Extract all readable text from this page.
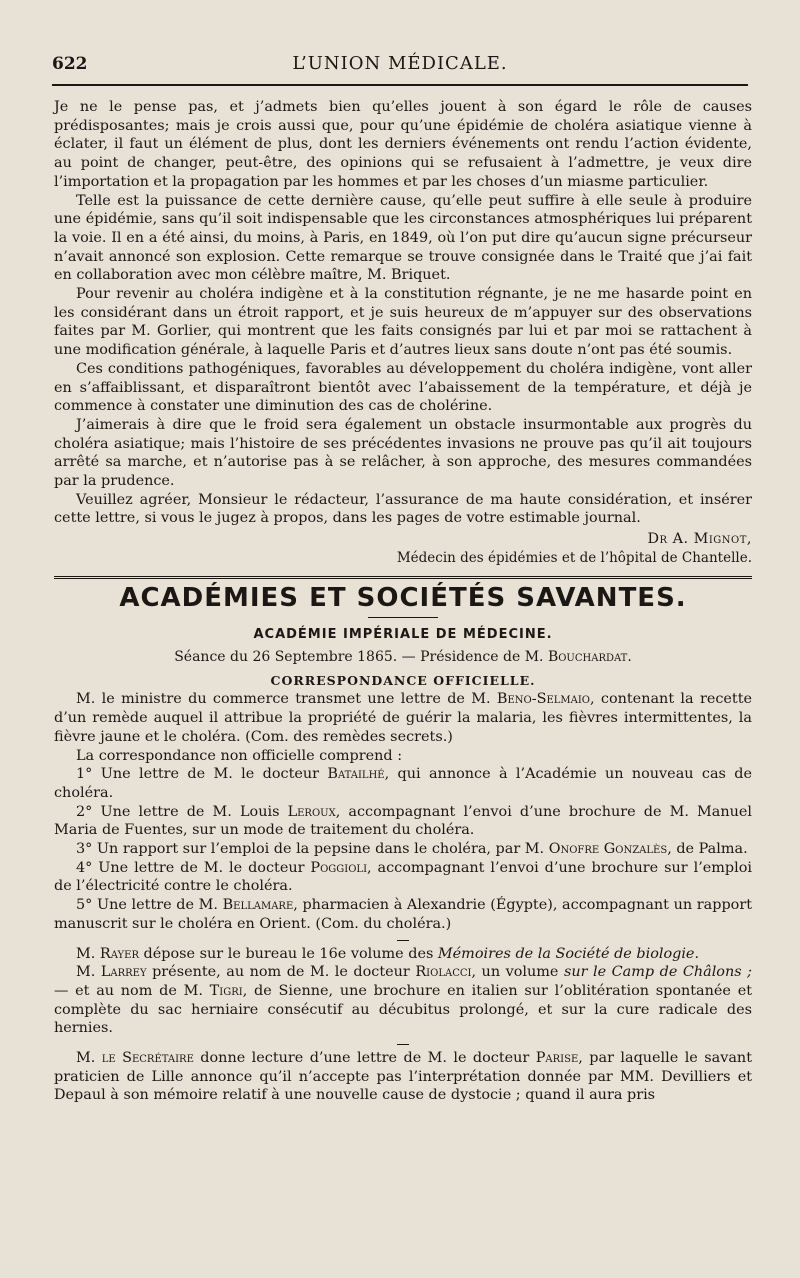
622	L’UNION MÉDICALE.

Je ne le pense pas, et j’admets bien qu’elles jouent à son égard le rôle de causes prédisposantes; mais je crois aussi que, pour qu’une épidémie de choléra asiatique vienne à éclater, il faut un élément de plus, dont les derniers événements ont rendu l’action évidente, au point de changer, peut-être, des opinions qui se refusaient à l’admettre, je veux dire l’importation et la propagation par les hommes et par les choses d’un miasme particulier.

Telle est la puissance de cette dernière cause, qu’elle peut suffire à elle seule à produire une épidémie, sans qu’il soit indispensable que les circonstances atmosphériques lui préparent la voie. Il en a été ainsi, du moins, à Paris, en 1849, où l’on put dire qu’aucun signe précurseur n’avait annoncé son explosion. Cette remarque se trouve consignée dans le Traité que j’ai fait en collaboration avec mon célèbre maître, M. Briquet.

Pour revenir au choléra indigène et à la constitution régnante, je ne me hasarde point en les considérant dans un étroit rapport, et je suis heureux de m’appuyer sur des observations faites par M. Gorlier, qui montrent que les faits consignés par lui et par moi se rattachent à une modification générale, à laquelle Paris et d’autres lieux sans doute n’ont pas été soumis.

Ces conditions pathogéniques, favorables au développement du choléra indigène, vont aller en s’affaiblissant, et disparaîtront bientôt avec l’abaissement de la température, et déjà je commence à constater une diminution des cas de cholérine.

J’aimerais à dire que le froid sera également un obstacle insurmontable aux progrès du choléra asiatique; mais l’histoire de ses précédentes invasions ne prouve pas qu’il ait toujours arrêté sa marche, et n’autorise pas à se relâcher, à son approche, des mesures commandées par la prudence.

Veuillez agréer, Monsieur le rédacteur, l’assurance de ma haute considération, et insérer cette lettre, si vous le jugez à propos, dans les pages de votre estimable journal.

Dr A. Mignot,
Médecin des épidémies et de l’hôpital de Chantelle.
ACADÉMIES ET SOCIÉTÉS SAVANTES.
ACADÉMIE IMPÉRIALE DE MÉDECINE.
Séance du 26 Septembre 1865. — Présidence de M. Bouchardat.
CORRESPONDANCE OFFICIELLE.

M. le ministre du commerce transmet une lettre de M. Beno-Selmaio, contenant la recette d’un remède auquel il attribue la propriété de guérir la malaria, les fièvres intermittentes, la fièvre jaune et le choléra. (Com. des remèdes secrets.)

La correspondance non officielle comprend :

1° Une lettre de M. le docteur Batailhé, qui annonce à l’Académie un nouveau cas de choléra.

2° Une lettre de M. Louis Leroux, accompagnant l’envoi d’une brochure de M. Manuel Maria de Fuentes, sur un mode de traitement du choléra.

3° Un rapport sur l’emploi de la pepsine dans le choléra, par M. Onofre Gonzalès, de Palma.

4° Une lettre de M. le docteur Poggioli, accompagnant l’envoi d’une brochure sur l’emploi de l’électricité contre le choléra.

5° Une lettre de M. Bellamare, pharmacien à Alexandrie (Égypte), accompagnant un rapport manuscrit sur le choléra en Orient. (Com. du choléra.)

M. Rayer dépose sur le bureau le 16e volume des Mémoires de la Société de biologie.

M. Larrey présente, au nom de M. le docteur Riolacci, un volume sur le Camp de Châlons ; — et au nom de M. Tigri, de Sienne, une brochure en italien sur l’oblitération spontanée et complète du sac herniaire consécutif au décubitus prolongé, et sur la cure radicale des hernies.

M. le Secrétaire donne lecture d’une lettre de M. le docteur Parise, par laquelle le savant praticien de Lille annonce qu’il n’accepte pas l’interprétation donnée par MM. Devilliers et Depaul à son mémoire relatif à une nouvelle cause de dystocie ; quand il aura pris
